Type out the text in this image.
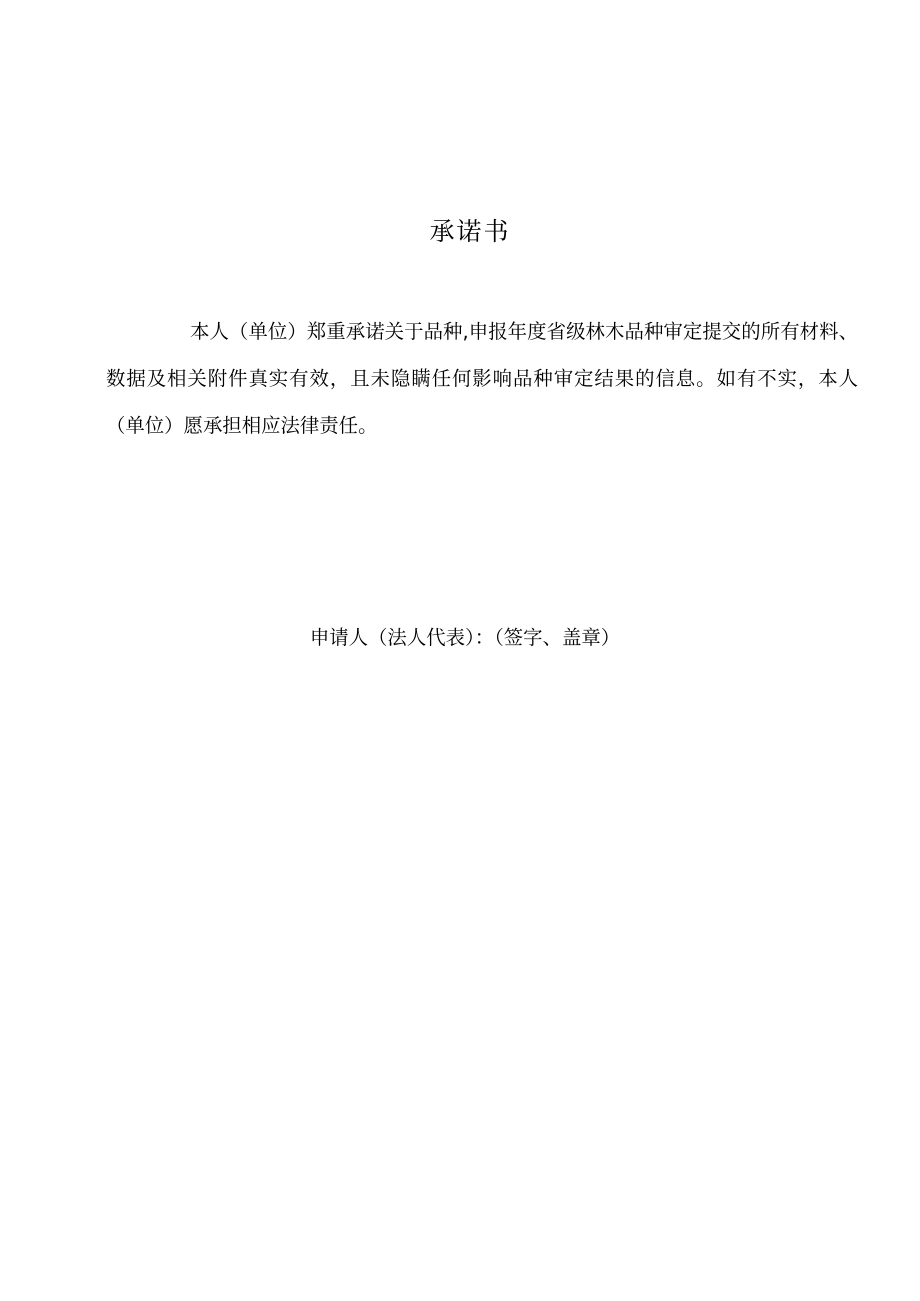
承诺书

本人（单位）郑重承诺关于品种,申报年度省级林木品种审定提交的所有材料、数据及相关附件真实有效，且未隐瞒任何影响品种审定结果的信息。如有不实，本人（单位）愿承担相应法律责任。

申请人（法人代表）：（签字、盖章）
